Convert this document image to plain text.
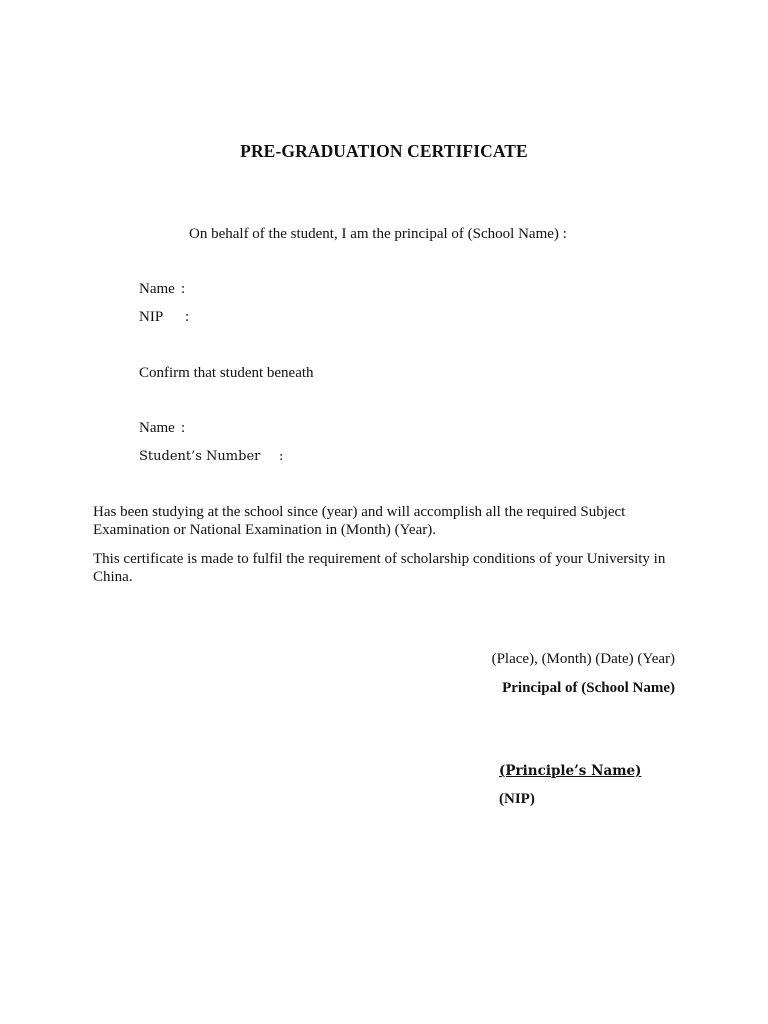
PRE-GRADUATION CERTIFICATE
On behalf of the student, I am the principal of (School Name) :
Name :
NIP :
Confirm that student beneath
Name :
Student’s Number :
Has been studying at the school since (year) and will accomplish all the required Subject Examination or National Examination in (Month) (Year).
This certificate is made to fulfil the requirement of scholarship conditions of your University in China.
(Place), (Month) (Date) (Year)
Principal of (School Name)
(Principle’s Name)
(NIP)
